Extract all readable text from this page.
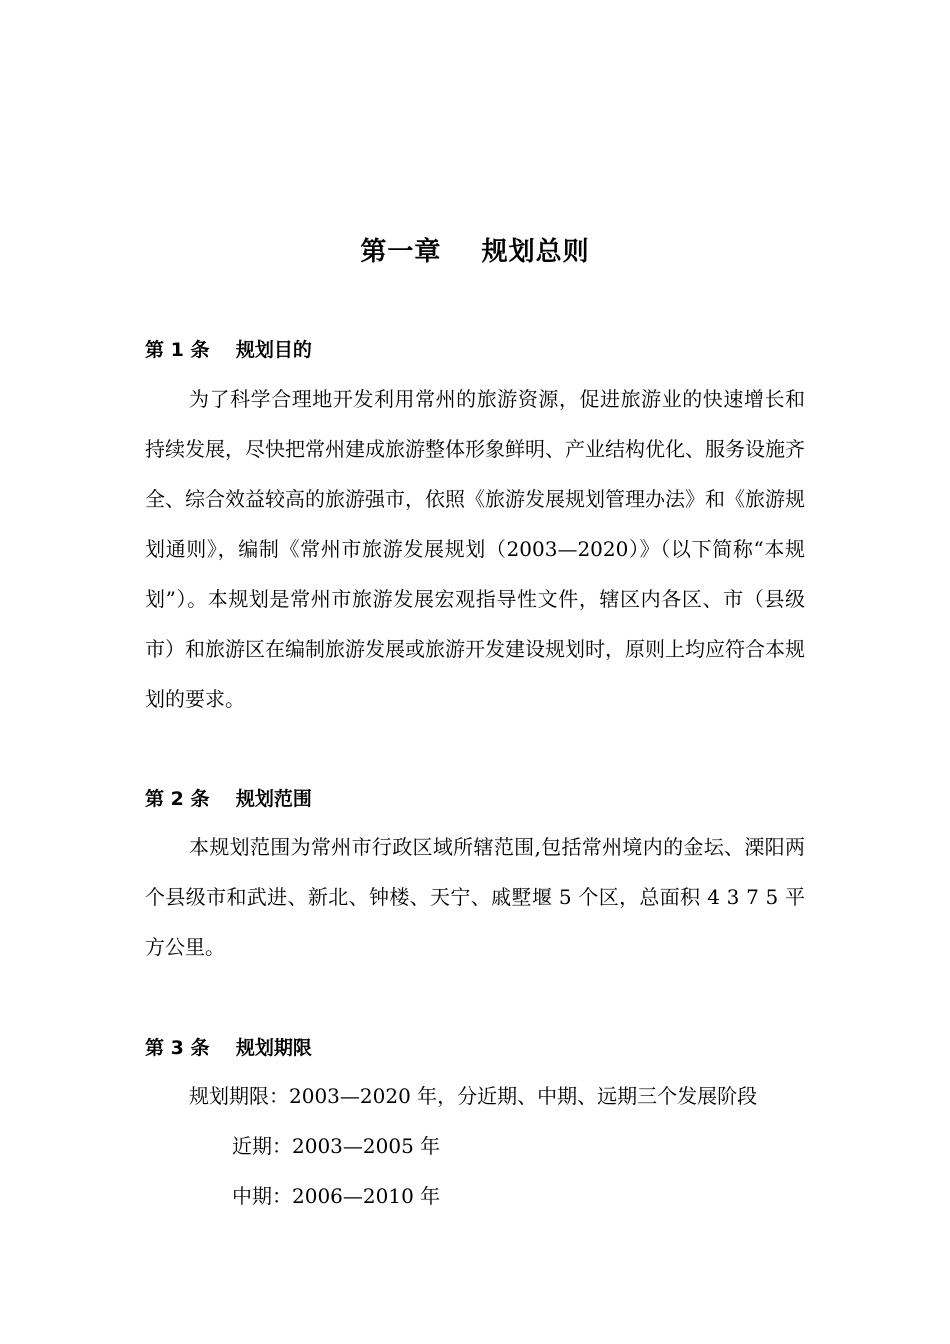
第一章    规划总则
第 1 条    规划目的
为了科学合理地开发利用常州的旅游资源，促进旅游业的快速增长和持续发展，尽快把常州建成旅游整体形象鲜明、产业结构优化、服务设施齐全、综合效益较高的旅游强市，依照《旅游发展规划管理办法》和《旅游规划通则》，编制《常州市旅游发展规划（2003—2020）》（以下简称“本规划”）。本规划是常州市旅游发展宏观指导性文件，辖区内各区、市（县级市）和旅游区在编制旅游发展或旅游开发建设规划时，原则上均应符合本规划的要求。
第 2 条    规划范围
本规划范围为常州市行政区域所辖范围,包括常州境内的金坛、溧阳两个县级市和武进、新北、钟楼、天宁、戚墅堰 5 个区，总面积 4 3 7 5 平方公里。
第 3 条    规划期限
规划期限：2003—2020 年，分近期、中期、远期三个发展阶段
近期：2003—2005 年
中期：2006—2010 年
